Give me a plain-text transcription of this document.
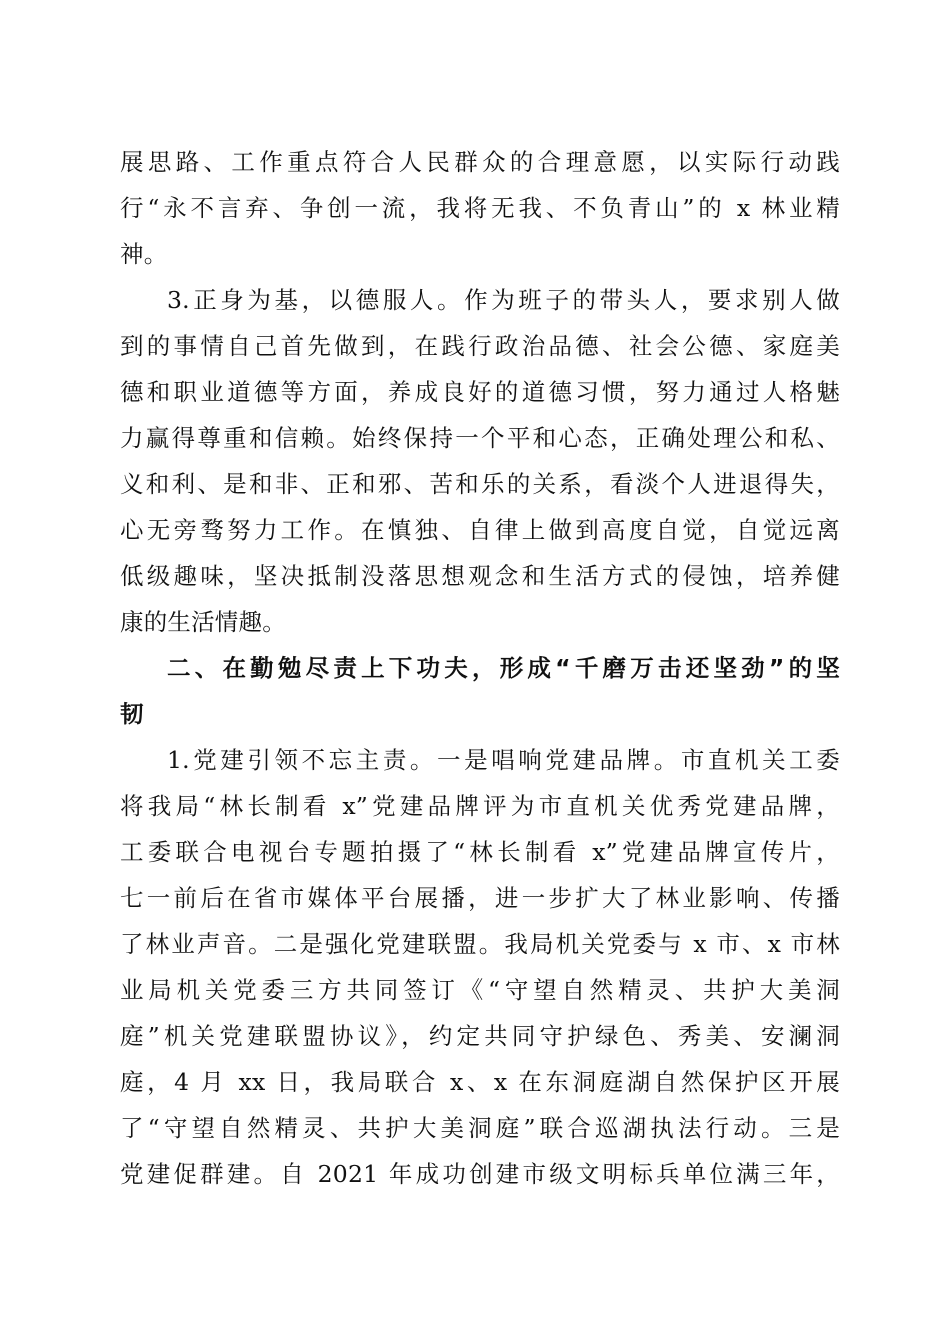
展思路、工作重点符合人民群众的合理意愿，以实际行动践
行“永不言弃、争创一流，我将无我、不负青山”的 x 林业精
神。
3.正身为基，以德服人。作为班子的带头人，要求别人做
到的事情自己首先做到，在践行政治品德、社会公德、家庭美
德和职业道德等方面，养成良好的道德习惯，努力通过人格魅
力赢得尊重和信赖。始终保持一个平和心态，正确处理公和私、
义和利、是和非、正和邪、苦和乐的关系，看淡个人进退得失，
心无旁骛努力工作。在慎独、自律上做到高度自觉，自觉远离
低级趣味，坚决抵制没落思想观念和生活方式的侵蚀，培养健
康的生活情趣。
二、在勤勉尽责上下功夫，形成“千磨万击还坚劲”的坚
韧
1.党建引领不忘主责。一是唱响党建品牌。市直机关工委
将我局“林长制看 x”党建品牌评为市直机关优秀党建品牌，
工委联合电视台专题拍摄了“林长制看 x”党建品牌宣传片，
七一前后在省市媒体平台展播，进一步扩大了林业影响、传播
了林业声音。二是强化党建联盟。我局机关党委与 x 市、x 市林
业局机关党委三方共同签订《“守望自然精灵、共护大美洞
庭”机关党建联盟协议》，约定共同守护绿色、秀美、安澜洞
庭，4 月 xx 日，我局联合 x、x 在东洞庭湖自然保护区开展
了“守望自然精灵、共护大美洞庭”联合巡湖执法行动。三是
党建促群建。自 2021 年成功创建市级文明标兵单位满三年，
